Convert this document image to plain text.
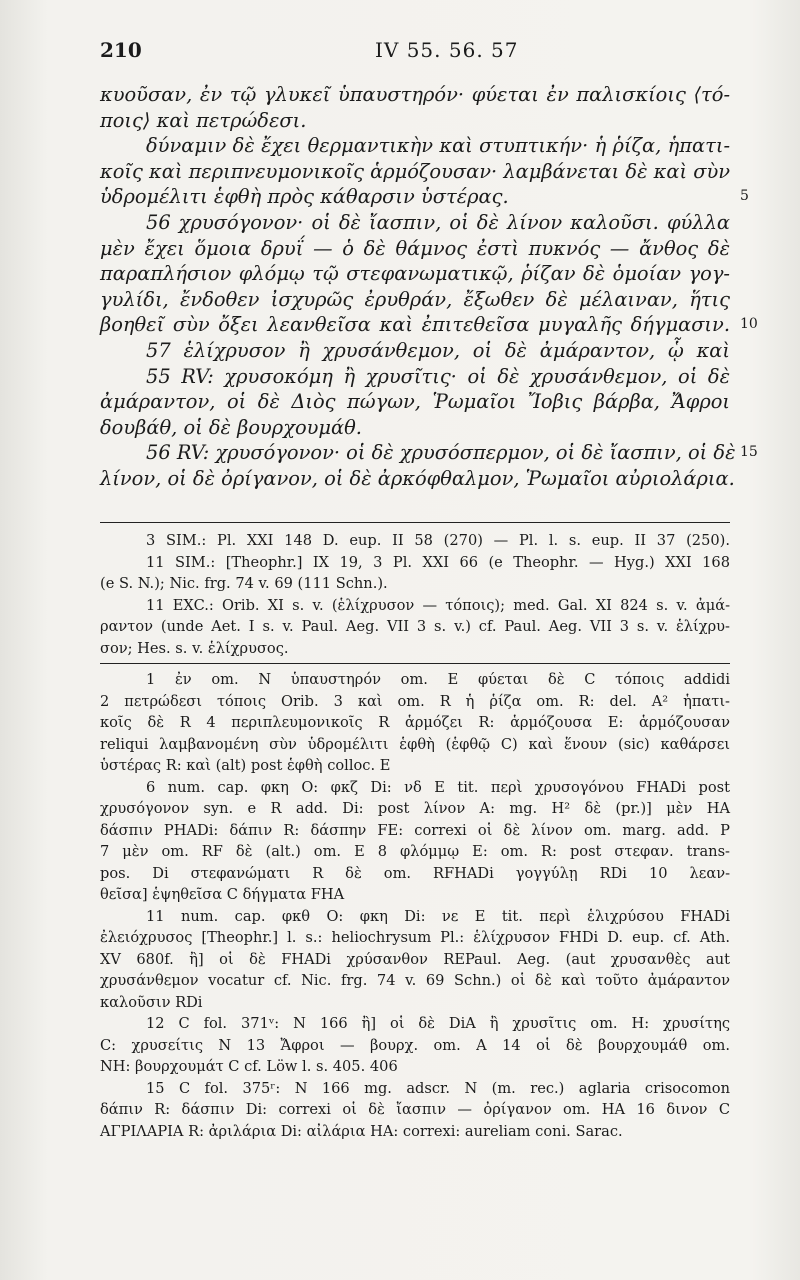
210	IV 55. 56. 57
κυοῦσαν, ἐν τῷ γλυκεῖ ὑπαυστηρόν· φύεται ἐν παλισκίοις ⟨τό-
ποις⟩ καὶ πετρώδεσι.
δύναμιν δὲ ἔχει θερμαντικὴν καὶ στυπτικήν· ἡ ῥίζα, ἡπατι-
κοῖς καὶ περιπνευμονικοῖς ἁρμόζουσαν· λαμβάνεται δὲ καὶ σὺν
ὑδρομέλιτι ἑφθὴ πρὸς κάθαρσιν ὑστέρας.	5
56 χρυσόγονον· οἱ δὲ ἴασπιν, οἱ δὲ λίνον καλοῦσι. φύλλα
μὲν ἔχει ὅμοια δρυΐ — ὁ δὲ θάμνος ἐστὶ πυκνός — ἄνθος δὲ
παραπλήσιον φλόμῳ τῷ στεφανωματικῷ, ῥίζαν δὲ ὁμοίαν γογ-
γυλίδι, ἔνδοθεν ἰσχυρῶς ἐρυθράν, ἔξωθεν δὲ μέλαιναν, ἥτις
βοηθεῖ σὺν ὄξει λεανθεῖσα καὶ ἐπιτεθεῖσα μυγαλῆς δήγμασιν. 10
57 ἑλίχρυσον ἢ χρυσάνθεμον, οἱ δὲ ἀμάραντον, ᾧ καὶ
55 RV: χρυσοκόμη ἢ χρυσῖτις· οἱ δὲ χρυσάνθεμον, οἱ δὲ
ἀμάραντον, οἱ δὲ Διὸς πώγων, Ῥωμαῖοι Ἴοβις βάρβα, Ἄφροι
δουβάθ, οἱ δὲ βουρχουμάθ.
56 RV: χρυσόγονον· οἱ δὲ χρυσόσπερμον, οἱ δὲ ἴασπιν, οἱ δὲ 15
λίνον, οἱ δὲ ὀρίγανον, οἱ δὲ ἀρκόφθαλμον, Ῥωμαῖοι αὐριολάρια.
3 SIM.: Pl. XXI 148 D. eup. II 58 (270) — Pl. l. s. eup. II 37 (250).
11 SIM.: [Theophr.] IX 19, 3 Pl. XXI 66 (e Theophr. — Hyg.) XXI 168
(e S. N.); Nic. frg. 74 v. 69 (111 Schn.).
11 EXC.: Orib. XI s. v. (ἑλίχρυσον — τόποις); med. Gal. XI 824 s. v. ἀμά-
ραντον (unde Aet. I s. v. Paul. Aeg. VII 3 s. v.) cf. Paul. Aeg. VII 3 s. v. ἑλίχρυ-
σον; Hes. s. v. ἑλίχρυσος.
1 ἐν om. N ὑπαυστηρόν om. E φύεται δὲ C τόποις addidi
2 πετρώδεσι τόποις Orib. 3 καὶ om. R ἡ ῥίζα om. R: del. A² ἡπατι-
κοῖς δὲ R 4 περιπλευμονικοῖς R ἁρμόζει R: ἁρμόζουσα E: ἁρμόζουσαν
reliqui λαμβανομένη σὺν ὑδρομέλιτι ἑφθὴ (ἑφθῷ C) καὶ ἕνουν (sic) καθάρσει
ὑστέρας R: καὶ (alt) post ἑφθὴ colloc. E
6 num. cap. φκη O: φκζ Di: νδ E tit. περὶ χρυσογόνου FHADi post
χρυσόγονον syn. e R add. Di: post λίνον A: mg. H² δὲ (pr.)] μὲν HA
δάσπιν PHADi: δάπιν R: δάσπην FE: correxi οἱ δὲ λίνον om. marg. add. P
7 μὲν om. RF δὲ (alt.) om. E 8 φλόμμῳ E: om. R: post στεφαν. trans-
pos. Di στεφανώματι R δὲ om. RFHADi γογγύλῃ RDi 10 λεαν-
θεῖσα] ἑψηθεῖσα C δήγματα FHA
11 num. cap. φκθ O: φκη Di: νε E tit. περὶ ἑλιχρύσου FHADi
ἐλειόχρυσος [Theophr.] l. s.: heliochrysum Pl.: ἑλίχρυσον FHDi D. eup. cf. Ath.
XV 680f. ἢ] οἱ δὲ FHADi χρύσανθον REPaul. Aeg. (aut χρυσανθὲς aut
χρυσάνθεμον vocatur cf. Nic. frg. 74 v. 69 Schn.) οἱ δὲ καὶ τοῦτο ἀμάραντον
καλοῦσιν RDi
12 C fol. 371ᵛ: N 166 ἢ] οἱ δὲ DiA ἢ χρυσῖτις om. H: χρυσίτης
C: χρυσείτις N 13 Ἄφροι — βουρχ. om. A 14 οἱ δὲ βουρχουμάθ om.
NH: βουρχουμάτ C cf. Löw l. s. 405. 406
15 C fol. 375ʳ: N 166 mg. adscr. N (m. rec.) aglaria crisocomon
δάπιν R: δάσπιν Di: correxi οἱ δὲ ἴασπιν — ὀρίγανον om. HA 16 δινον C
ΑΓΡΙΛΑΡΙΑ R: ἀριλάρια Di: αἰλάρια HA: correxi: aureliam coni. Sarac.
